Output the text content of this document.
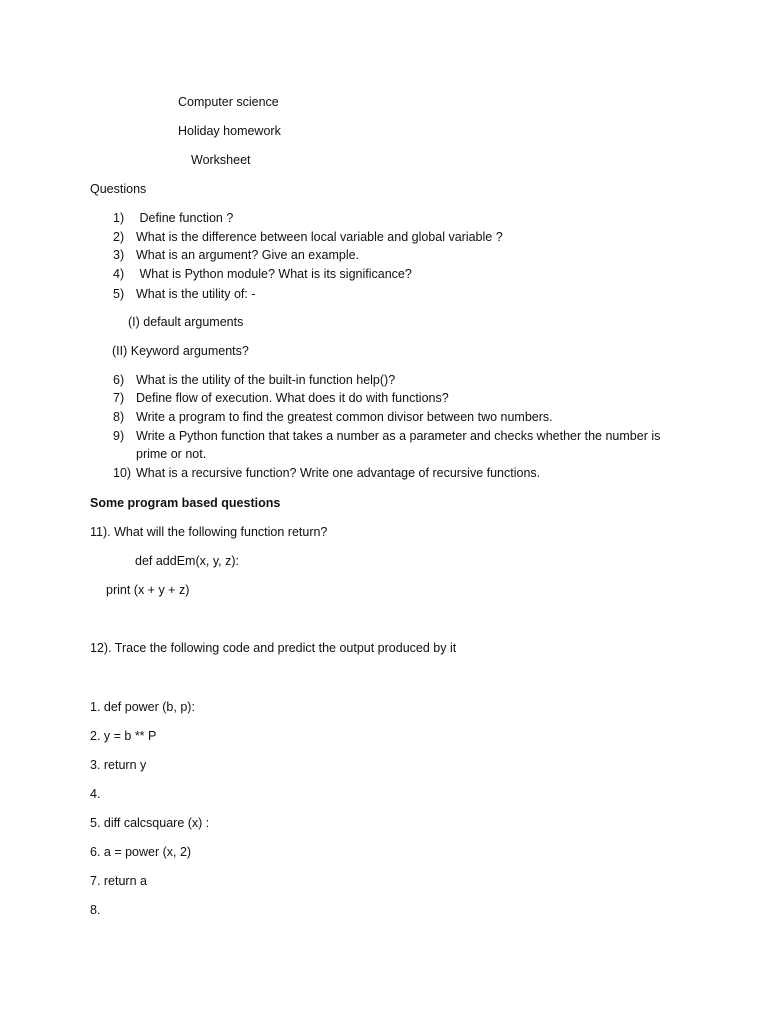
Computer science
Holiday homework
Worksheet
Questions
1) Define function ?
2) What is the difference between local variable and global variable ?
3) What is an argument? Give an example.
4) What is Python module? What is its significance?
5) What is the utility of: -
(I) default arguments
(II) Keyword arguments?
6) What is the utility of the built-in function help()?
7) Define flow of execution. What does it do with functions?
8) Write a program to find the greatest common divisor between two numbers.
9) Write a Python function that takes a number as a parameter and checks whether the number is
prime or not.
10) What is a recursive function? Write one advantage of recursive functions.
Some program based questions
11). What will the following function return?
def addEm(x, y, z):
print (x + y + z)
12). Trace the following code and predict the output produced by it
1. def power (b, p):
2. y = b ** P
3. return y
4.
5. diff calcsquare (x) :
6. a = power (x, 2)
7. return a
8.
